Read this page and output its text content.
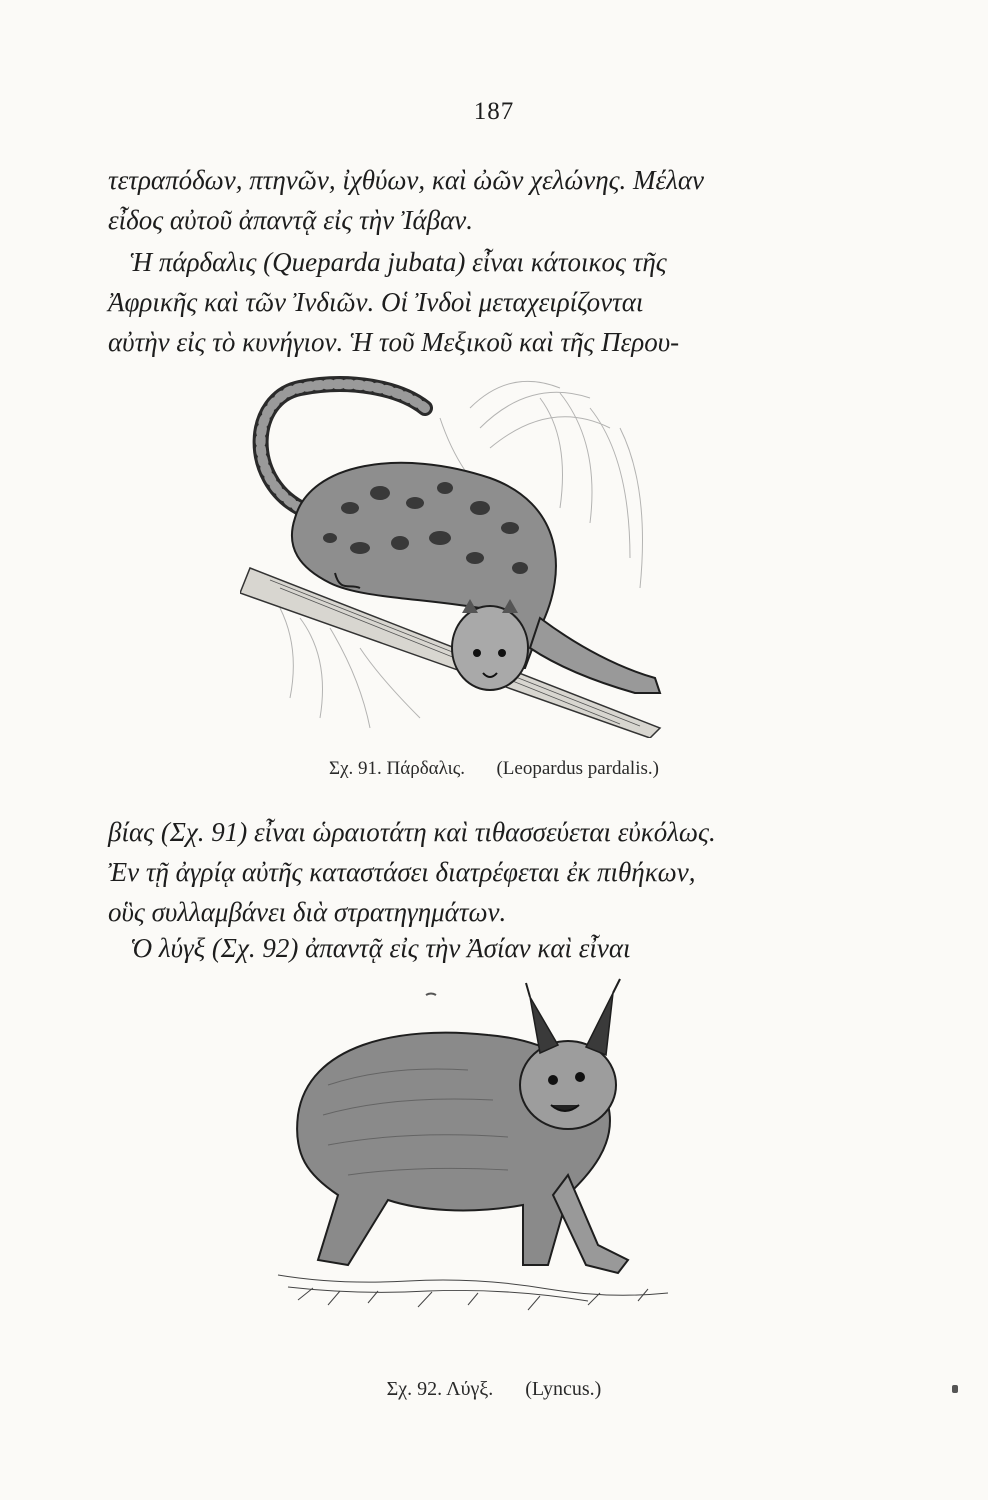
187
τετραπόδων, πτηνῶν, ἰχθύων, καὶ ὠῶν χελώνης. Μέλαν
εἶδος αὐτοῦ ἀπαντᾷ εἰς τὴν Ἰάβαν.
Ἡ πάρδαλις (Queparda jubata) εἶναι κάτοικος τῆς
Ἀφρικῆς καὶ τῶν Ἰνδιῶν. Οἱ Ἰνδοὶ μεταχειρίζονται
αὐτὴν εἰς τὸ κυνήγιον. Ἡ τοῦ Μεξικοῦ καὶ τῆς Περου-
Σχ. 91. Πάρδαλις. (Leopardus pardalis.)
βίας (Σχ. 91) εἶναι ὡραιοτάτη καὶ τιθασσεύεται εὐκόλως.
Ἐν τῇ ἀγρίᾳ αὐτῆς καταστάσει διατρέφεται ἐκ πιθήκων,
οὓς συλλαμβάνει διὰ στρατηγημάτων.
Ὁ λύγξ (Σχ. 92) ἀπαντᾷ εἰς τὴν Ἀσίαν καὶ εἶναι
Σχ. 92. Λύγξ. (Lyncus.)
